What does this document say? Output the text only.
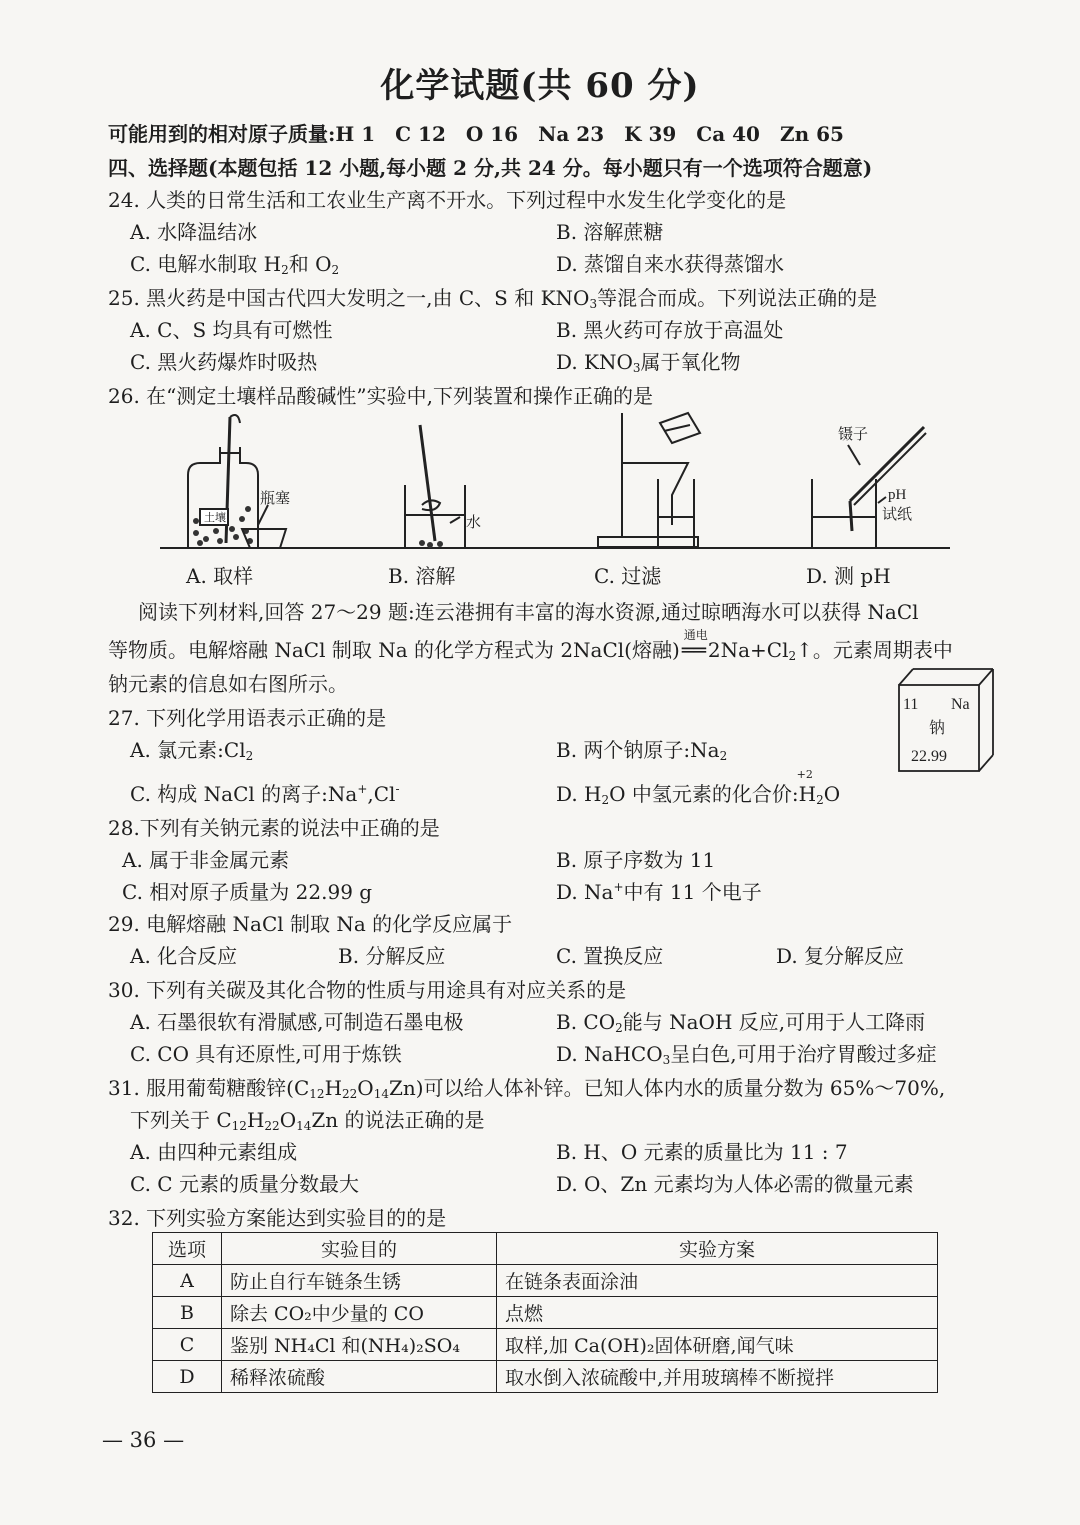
化学试题(共 60 分)
可能用到的相对原子质量:H 1　C 12　O 16　Na 23　K 39　Ca 40　Zn 65
四、选择题(本题包括 12 小题,每小题 2 分,共 24 分。每小题只有一个选项符合题意)
24. 人类的日常生活和工农业生产离不开水。下列过程中水发生化学变化的是
A. 水降温结冰	B. 溶解蔗糖
C. 电解水制取 $H_2$和 $O_2$	D. 蒸馏自来水获得蒸馏水
25. 黑火药是中国古代四大发明之一,由 C、S 和 $KNO_3$等混合而成。下列说法正确的是
A. C、S 均具有可燃性	B. 黑火药可存放于高温处
C. 黑火药爆炸时吸热	D. $KNO_3$属于氧化物
26. 在“测定土壤样品酸碱性”实验中,下列装置和操作正确的是
土壤
瓶塞
水
镊子
pH
试纸
A. 取样	B. 溶解	C. 过滤	D. 测 pH
阅读下列材料,回答 27～29 题:连云港拥有丰富的海水资源,通过晾晒海水可以获得 NaCl
等物质。电解熔融 NaCl 制取 Na 的化学方程式为 2NaCl(熔融)
通电
══ $2Na+Cl_2↑$。元素周期表中
钠元素的信息如右图所示。
11 Na
钠
22.99
27. 下列化学用语表示正确的是
A. 氯元素$:Cl_2$	B. 两个钠原子$:Na_2$
C. 构成 NaCl 的离子:Na+,Cl-	D. $H_2O$ 中氢元素的化合价:
+2
$H_2O$
28.下列有关钠元素的说法中正确的是
A. 属于非金属元素	B. 原子序数为 11
C. 相对原子质量为 22.99 g	D. Na+中有 11 个电子
29. 电解熔融 NaCl 制取 Na 的化学反应属于
A. 化合反应	B. 分解反应	C. 置换反应	D. 复分解反应
30. 下列有关碳及其化合物的性质与用途具有对应关系的是
A. 石墨很软有滑腻感,可制造石墨电极	B. $CO_2$能与 NaOH 反应,可用于人工降雨
C. CO 具有还原性,可用于炼铁	D. NaHCO$_3$呈白色,可用于治疗胃酸过多症
31. 服用葡萄糖酸锌$(C_{12}H_{22}O_{14}Zn)$可以给人体补锌。已知人体内水的质量分数为 65%～70%,
下列关于 $C_{12}H_{22}O_{14}Zn$ 的说法正确的是
A. 由四种元素组成	B. H、O 元素的质量比为 11 : 7
C. C 元素的质量分数最大	D. O、Zn 元素均为人体必需的微量元素
32. 下列实验方案能达到实验目的的是
选项	实验目的	实验方案
A	防止自行车链条生锈	在链条表面涂油
B	除去 CO₂中少量的 CO	点燃
C	鉴别 NH₄Cl 和(NH₄)₂SO₄	取样,加 Ca(OH)₂固体研磨,闻气味
D	稀释浓硫酸	取水倒入浓硫酸中,并用玻璃棒不断搅拌
— 36 —
